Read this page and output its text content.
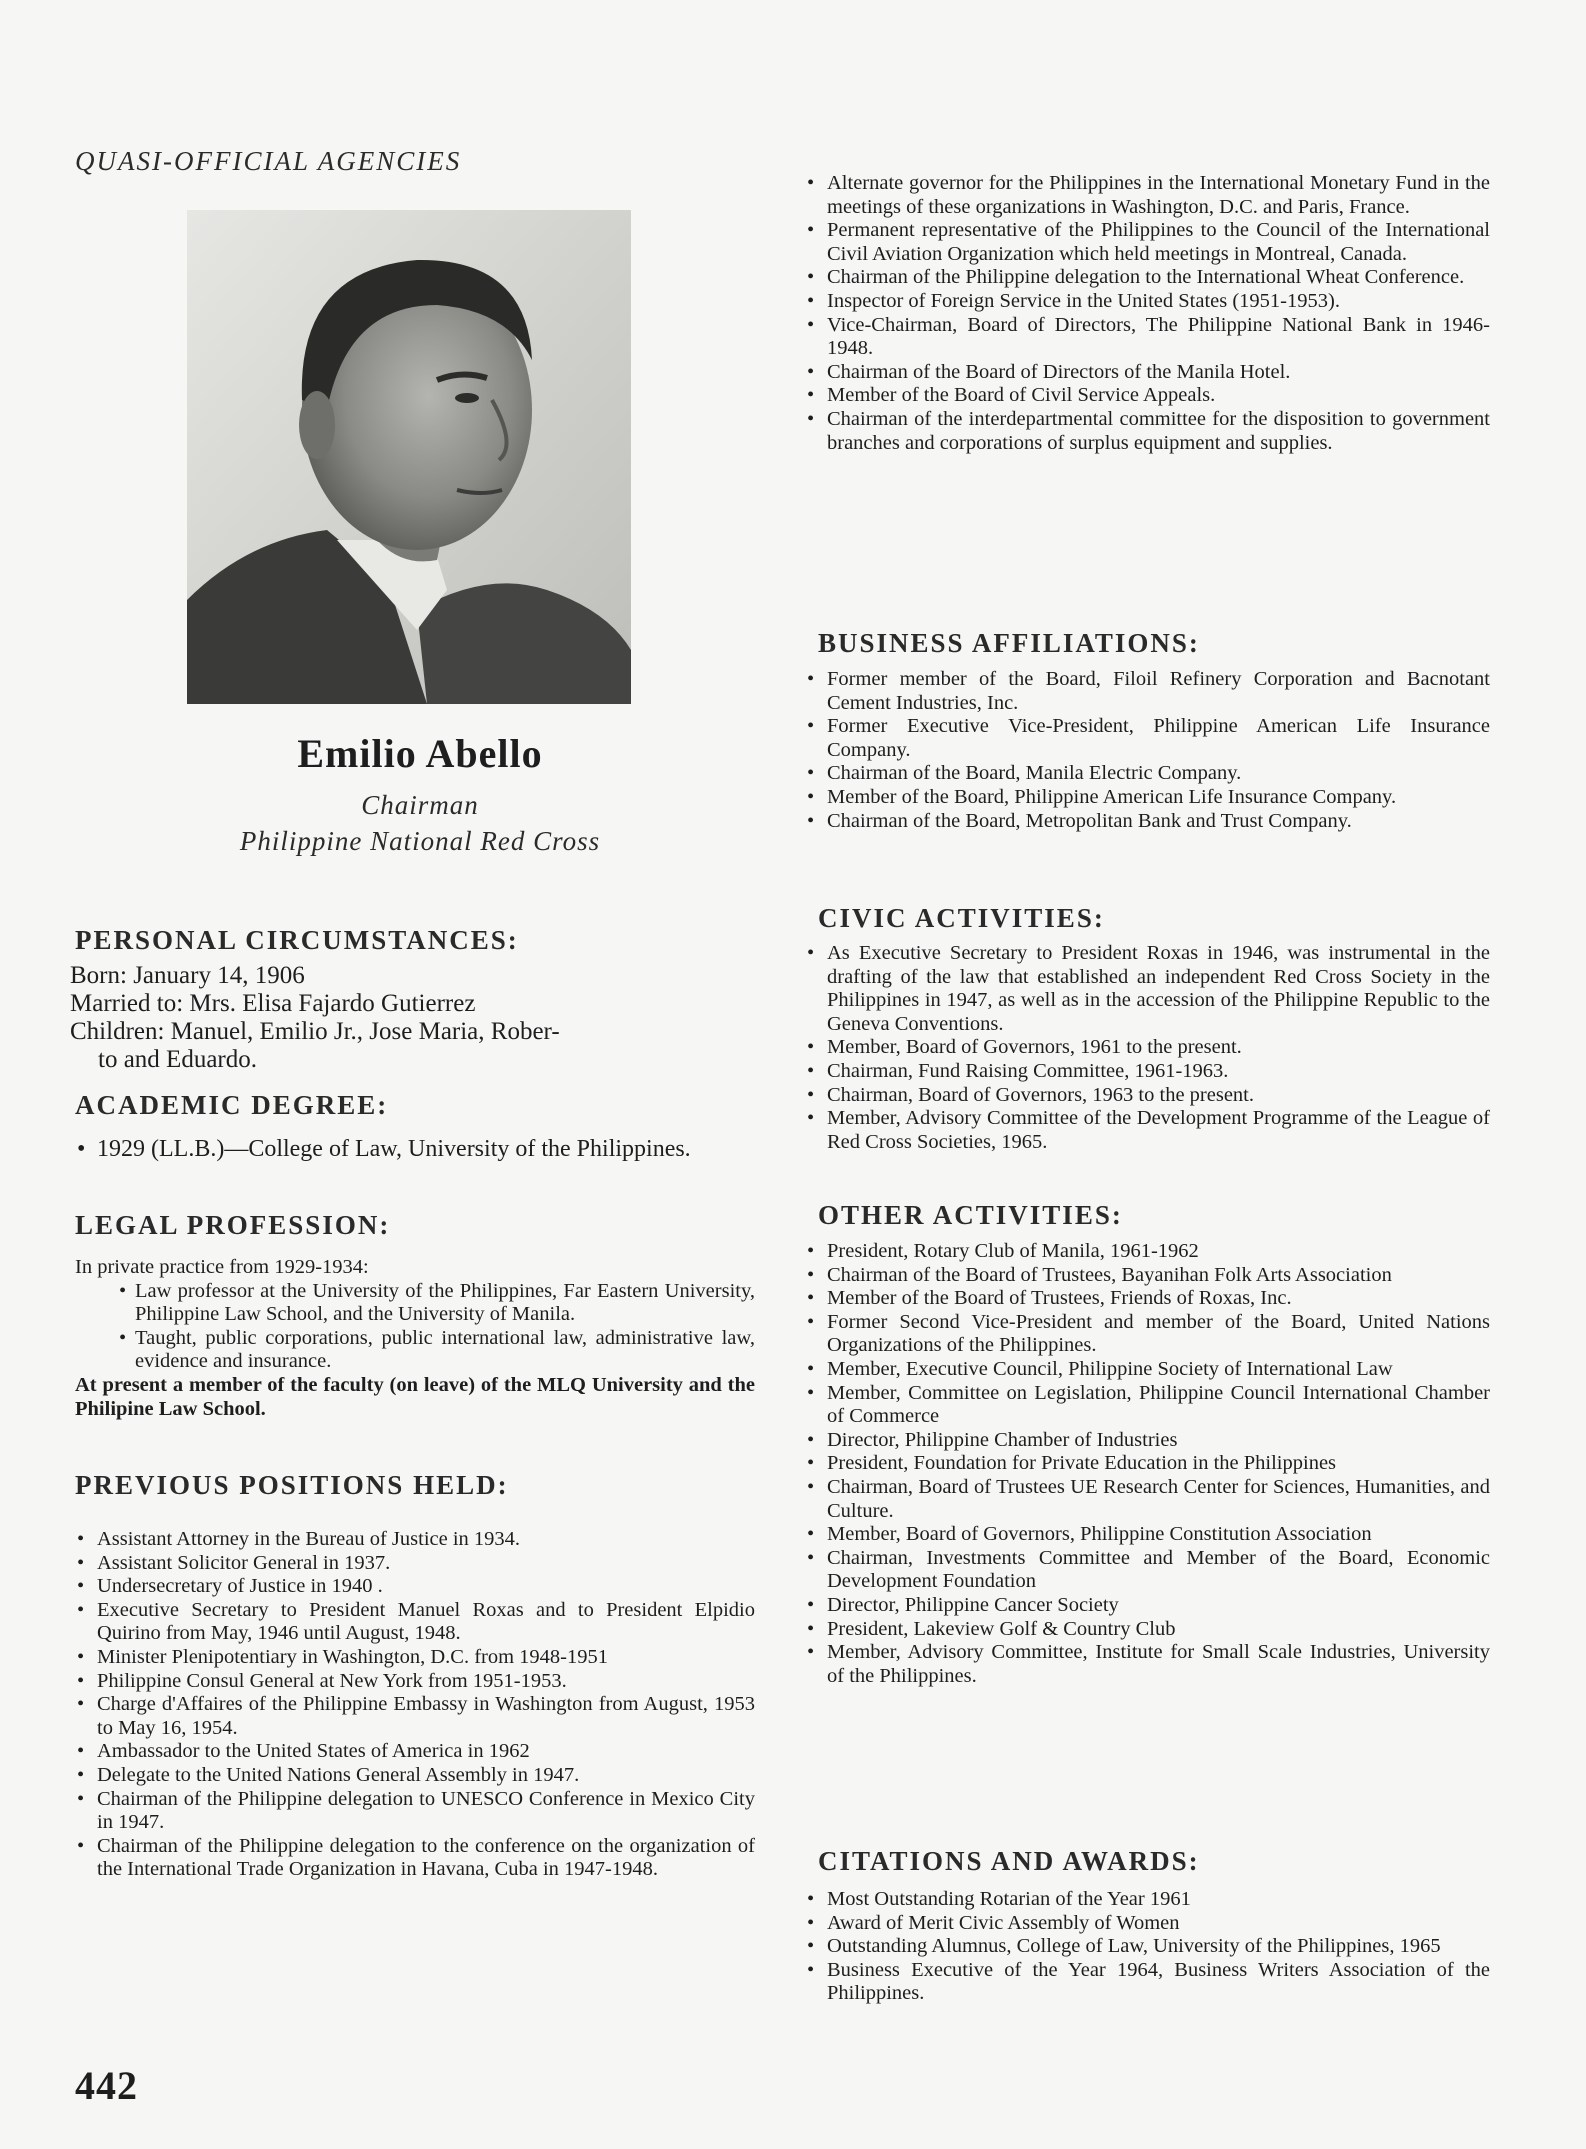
QUASI-OFFICIAL AGENCIES
Emilio Abello
Chairman
Philippine National Red Cross
PERSONAL CIRCUMSTANCES:
Born: January 14, 1906
Married to: Mrs. Elisa Fajardo Gutierrez
Children: Manuel, Emilio Jr., Jose Maria, Rober-
to and Eduardo.
ACADEMIC DEGREE:
• 1929 (LL.B.)—College of Law, University of the Philippines.
LEGAL PROFESSION:

In private practice from 1929-1934:

• Law professor at the University of the Philippines, Far Eastern University, Philippine Law School, and the University of Manila.
• Taught, public corporations, public international law, administrative law, evidence and insurance.

At present a member of the faculty (on leave) of the MLQ University and the Philipine Law School.

PREVIOUS POSITIONS HELD:
• Assistant Attorney in the Bureau of Justice in 1934.
• Assistant Solicitor General in 1937.
• Undersecretary of Justice in 1940 .
• Executive Secretary to President Manuel Roxas and to President Elpidio Quirino from May, 1946 until August, 1948.
• Minister Plenipotentiary in Washington, D.C. from 1948-1951
• Philippine Consul General at New York from 1951-1953.
• Charge d'Affaires of the Philippine Embassy in Washington from August, 1953 to May 16, 1954.
• Ambassador to the United States of America in 1962
• Delegate to the United Nations General Assembly in 1947.
• Chairman of the Philippine delegation to UNESCO Conference in Mexico City in 1947.
• Chairman of the Philippine delegation to the conference on the organization of the International Trade Organization in Havana, Cuba in 1947-1948.
442
• Alternate governor for the Philippines in the International Monetary Fund in the meetings of these organizations in Washington, D.C. and Paris, France.
• Permanent representative of the Philippines to the Council of the International Civil Aviation Organization which held meetings in Montreal, Canada.
• Chairman of the Philippine delegation to the International Wheat Conference.
• Inspector of Foreign Service in the United States (1951-1953).
• Vice-Chairman, Board of Directors, The Philippine National Bank in 1946-1948.
• Chairman of the Board of Directors of the Manila Hotel.
• Member of the Board of Civil Service Appeals.
• Chairman of the interdepartmental committee for the disposition to government branches and corporations of surplus equipment and supplies.
BUSINESS AFFILIATIONS:
• Former member of the Board, Filoil Refinery Corporation and Bacnotant Cement Industries, Inc.
• Former Executive Vice-President, Philippine American Life Insurance Company.
• Chairman of the Board, Manila Electric Company.
• Member of the Board, Philippine American Life Insurance Company.
• Chairman of the Board, Metropolitan Bank and Trust Company.
CIVIC ACTIVITIES:
• As Executive Secretary to President Roxas in 1946, was instrumental in the drafting of the law that established an independent Red Cross Society in the Philippines in 1947, as well as in the accession of the Philippine Republic to the Geneva Conventions.
• Member, Board of Governors, 1961 to the present.
• Chairman, Fund Raising Committee, 1961-1963.
• Chairman, Board of Governors, 1963 to the present.
• Member, Advisory Committee of the Development Programme of the League of Red Cross Societies, 1965.
OTHER ACTIVITIES:
• President, Rotary Club of Manila, 1961-1962
• Chairman of the Board of Trustees, Bayanihan Folk Arts Association
• Member of the Board of Trustees, Friends of Roxas, Inc.
• Former Second Vice-President and member of the Board, United Nations Organizations of the Philippines.
• Member, Executive Council, Philippine Society of International Law
• Member, Committee on Legislation, Philippine Council International Chamber of Commerce
• Director, Philippine Chamber of Industries
• President, Foundation for Private Education in the Philippines
• Chairman, Board of Trustees UE Research Center for Sciences, Humanities, and Culture.
• Member, Board of Governors, Philippine Constitution Association
• Chairman, Investments Committee and Member of the Board, Economic Development Foundation
• Director, Philippine Cancer Society
• President, Lakeview Golf & Country Club
• Member, Advisory Committee, Institute for Small Scale Industries, University of the Philippines.
CITATIONS AND AWARDS:
• Most Outstanding Rotarian of the Year 1961
• Award of Merit Civic Assembly of Women
• Outstanding Alumnus, College of Law, University of the Philippines, 1965
• Business Executive of the Year 1964, Business Writers Association of the Philippines.
